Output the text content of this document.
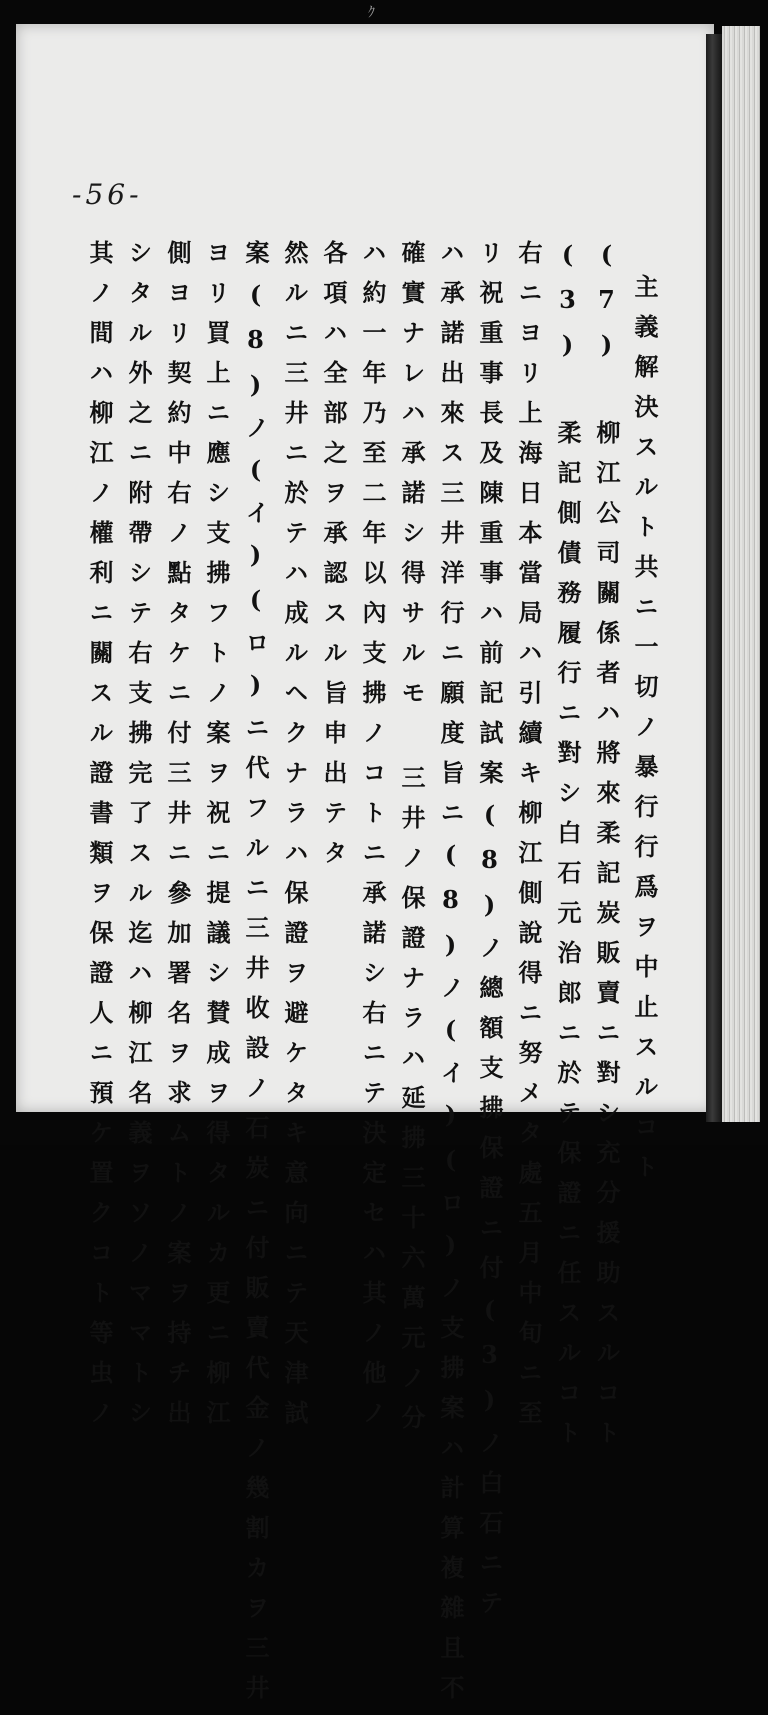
ｸ
-56-
主義解決スルト共ニ一切ノ暴行行爲ヲ中止スルコト
(7) 柳江公司關係者ハ將來柔記炭販賣ニ對シ充分援助スルコト
(3) 柔記側債務履行ニ對シ白石元治郎ニ於テ保證ニ任スルコト
右ニヨリ上海日本當局ハ引續キ柳江側說得ニ努メタ處五月中旬ニ至
リ祝重事長及陳重事ハ前記試案(8)ノ總額支拂保證ニ付(3)ノ白石ニテ
ハ承諾出來ス三井洋行ニ願度旨ニ(8)ノ(イ)(ロ)ノ支拂案ハ計算複雜且不
確實ナレハ承諾シ得サルモ 三井ノ保證ナラハ延拂三十六萬元ノ分
ハ約一年乃至二年以內支拂ノコトニ承諾シ右ニテ決定セハ其ノ他ノ
各項ハ全部之ヲ承認スル旨申出テタ
然ルニ三井ニ於テハ成ルヘクナラハ保證ヲ避ケタキ意向ニテ天津試
案(8)ノ(イ)(ロ)ニ代フルニ三井收設ノ石炭ニ付販賣代金ノ幾割カヲ三井
ヨリ買上ニ應シ支拂フトノ案ヲ祝ニ提議シ賛成ヲ得タルカ更ニ柳江
側ヨリ契約中右ノ點タケニ付三井ニ參加署名ヲ求ムトノ案ヲ持チ出
シタル外之ニ附帶シテ右支拂完了スル迄ハ柳江名義ヲソノママトシ
其ノ間ハ柳江ノ權利ニ關スル證書類ヲ保證人ニ預ケ置クコト等虫ノ
